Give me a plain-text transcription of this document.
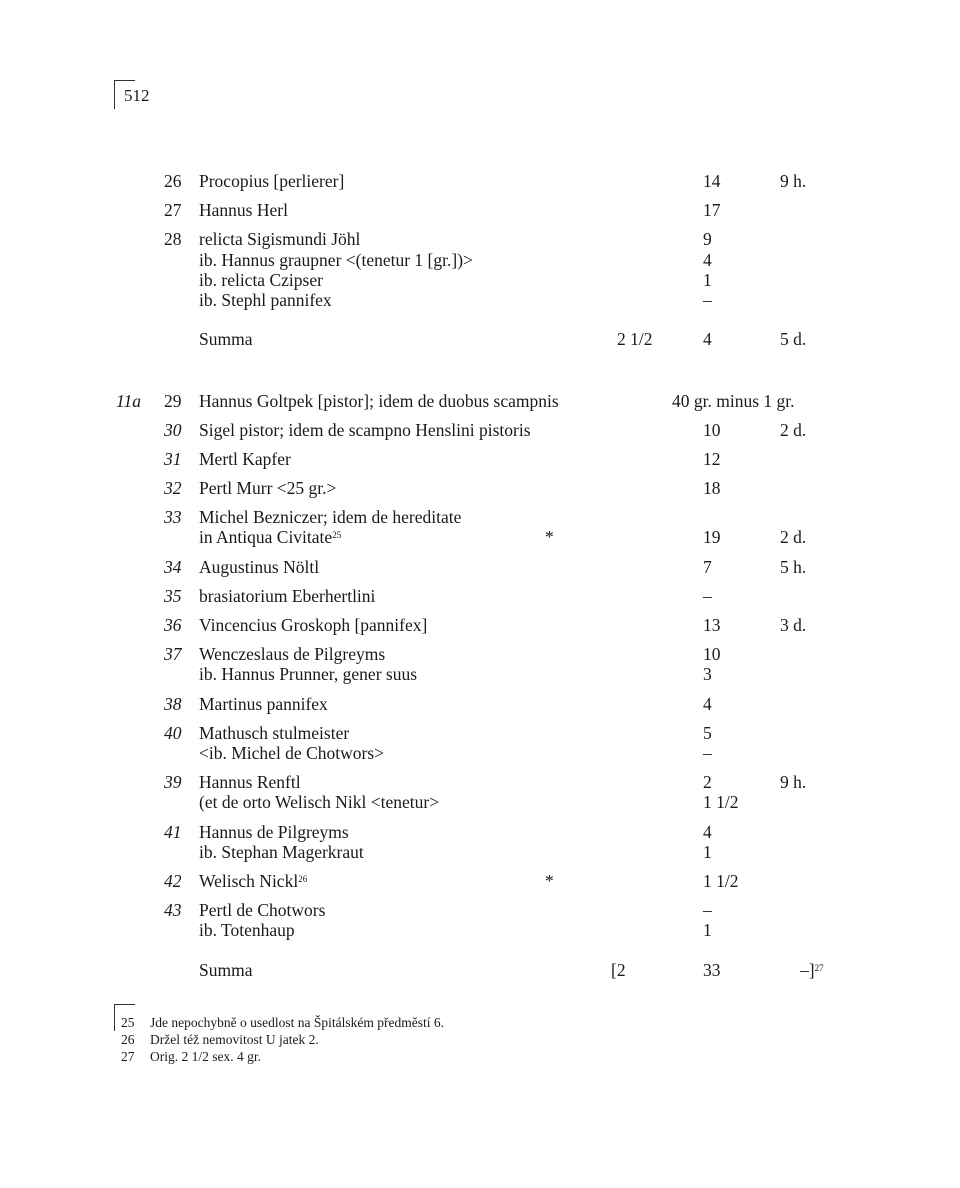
512
26 Procopius [perlierer]	14	9 h.
27 Hannus Herl	17
28 relicta Sigismundi Jöhl	9
ib. Hannus graupner <(tenetur 1 [gr.])>	4
ib. relicta Czipser	1
ib. Stephl pannifex	–
Summa	2 1/2	4	5 d.
11a 29 Hannus Goltpek [pistor]; idem de duobus scampnis	40 gr. minus 1 gr.
30 Sigel pistor; idem de scampno Henslini pistoris	10	2 d.
31 Mertl Kapfer	12
32 Pertl Murr <25 gr.>	18
33 Michel Bezniczer; idem de hereditate
in Antiqua Civitate$^{25}$	*	19	2 d.
34 Augustinus Nöltl	7	5 h.
35 brasiatorium Eberhertlini	–
36 Vincencius Groskoph [pannifex]	13	3 d.
37 Wenczeslaus de Pilgreyms	10
ib. Hannus Prunner, gener suus	3
38 Martinus pannifex	4
40 Mathusch stulmeister	5
<ib. Michel de Chotwors>	–
39 Hannus Renftl	2	9 h.
(et de orto Welisch Nikl <tenetur>	1 1/2
41 Hannus de Pilgreyms	4
ib. Stephan Magerkraut	1
42 Welisch Nickl$^{26}$	*	1 1/2
43 Pertl de Chotwors	–
ib. Totenhaup	1
Summa	[2	33	–]$^{27}$
25 Jde nepochybně o usedlost na Špitálském předměstí 6.
26 Držel též nemovitost U jatek 2.
27 Orig. 2 1/2 sex. 4 gr.
